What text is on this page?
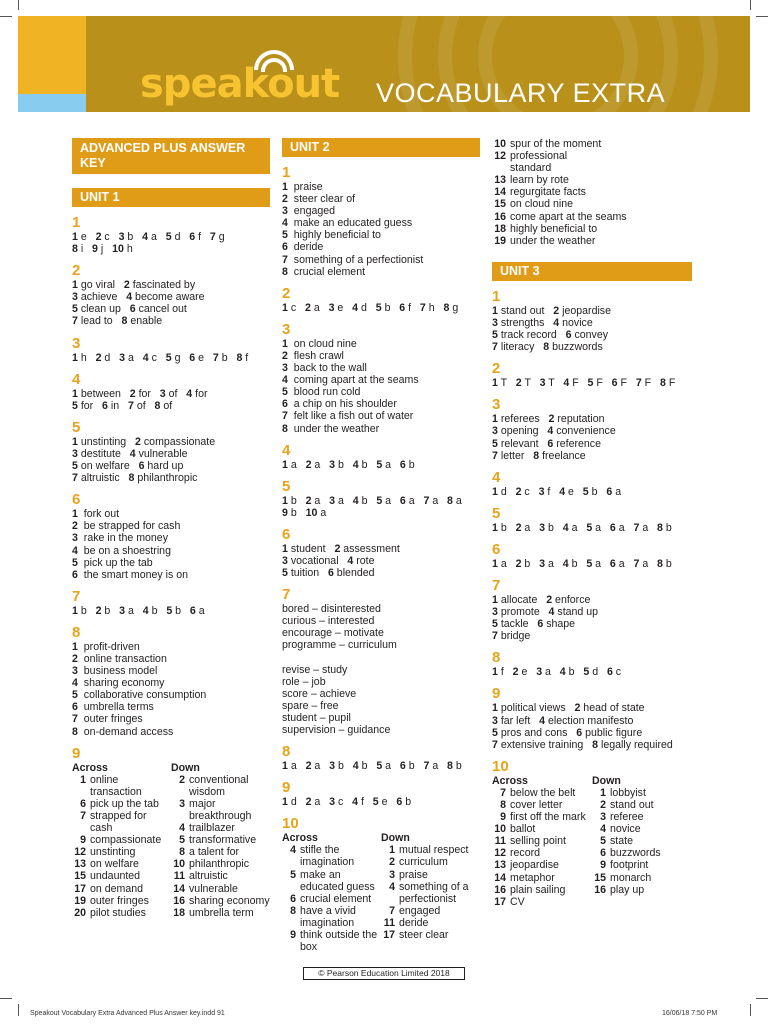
speakout VOCABULARY EXTRA
ADVANCED PLUS ANSWER KEY
UNIT 1
1
1 e   2 c   3 b   4 a   5 d   6 f   7 g
8 i   9 j   10 h
2
1 go viral   2 fascinated by
3 achieve   4 become aware
5 clean up   6 cancel out
7 lead to   8 enable
3
1 h   2 d   3 a   4 c   5 g   6 e   7 b   8 f
4
1 between   2 for   3 of   4 for
5 for   6 in   7 of   8 of
5
1 unstinting   2 compassionate
3 destitute   4 vulnerable
5 on welfare   6 hard up
7 altruistic   8 philanthropic
6
1  fork out
2  be strapped for cash
3  rake in the money
4  be on a shoestring
5  pick up the tab
6  the smart money is on
7
1 b   2 b   3 a   4 b   5 b   6 a
8
1  profit-driven
2  online transaction
3  business model
4  sharing economy
5  collaborative consumption
6  umbrella terms
7  outer fringes
8  on-demand access
9
Across
1 online transaction
6 pick up the tab
7 strapped for cash
9 compassionate
12 unstinting
13 on welfare
15 undaunted
17 on demand
19 outer fringes
20 pilot studies
Down
2 conventional wisdom
3 major breakthrough
4 trailblazer
5 transformative
8 a talent for
10 philanthropic
11 altruistic
14 vulnerable
16 sharing economy
18 umbrella term
UNIT 2
1
1  praise
2  steer clear of
3  engaged
4  make an educated guess
5  highly beneficial to
6  deride
7  something of a perfectionist
8  crucial element
2
1 c   2 a   3 e   4 d   5 b   6 f   7 h   8 g
3
1  on cloud nine
2  flesh crawl
3  back to the wall
4  coming apart at the seams
5  blood run cold
6  a chip on his shoulder
7  felt like a fish out of water
8  under the weather
4
1 a   2 a   3 b   4 b   5 a   6 b
5
1 b   2 a   3 a   4 b   5 a   6 a   7 a   8 a
9 b   10 a
6
1 student   2 assessment
3 vocational   4 rote
5 tuition   6 blended
7
bored – disinterested
curious – interested
encourage – motivate
programme – curriculum
revise – study
role – job
score – achieve
spare – free
student – pupil
supervision – guidance
8
1 a   2 a   3 b   4 b   5 a   6 b   7 a   8 b
9
1 d   2 a   3 c   4 f   5 e   6 b
10
Across
4 stifle the imagination
5 make an educated guess
6 crucial element
8 have a vivid imagination
9 think outside the box
Down
1 mutual respect
2 curriculum
3 praise
4 something of a perfectionist
7 engaged
11 deride
17 steer clear
10 spur of the moment
12 professional standard
13 learn by rote
14 regurgitate facts
15 on cloud nine
16 come apart at the seams
18 highly beneficial to
19 under the weather
UNIT 3
1
1 stand out   2 jeopardise
3 strengths   4 novice
5 track record   6 convey
7 literacy   8 buzzwords
2
1 T   2 T   3 T   4 F   5 F   6 F   7 F   8 F
3
1 referees   2 reputation
3 opening   4 convenience
5 relevant   6 reference
7 letter   8 freelance
4
1 d   2 c   3 f   4 e   5 b   6 a
5
1 b   2 a   3 b   4 a   5 a   6 a   7 a   8 b
6
1 a   2 b   3 a   4 b   5 a   6 a   7 a   8 b
7
1 allocate   2 enforce
3 promote   4 stand up
5 tackle   6 shape
7 bridge
8
1 f   2 e   3 a   4 b   5 d   6 c
9
1 political views   2 head of state
3 far left   4 election manifesto
5 pros and cons   6 public figure
7 extensive training   8 legally required
10
Across
7 below the belt
8 cover letter
9 first off the mark
10 ballot
11 selling point
12 record
13 jeopardise
14 metaphor
16 plain sailing
17 CV
Down
1 lobbyist
2 stand out
3 referee
4 novice
5 state
6 buzzwords
9 footprint
15 monarch
16 play up
© Pearson Education Limited 2018
Speakout Vocabulary Extra Advanced Plus Answer key.indd 91	16/06/18 7:50 PM
